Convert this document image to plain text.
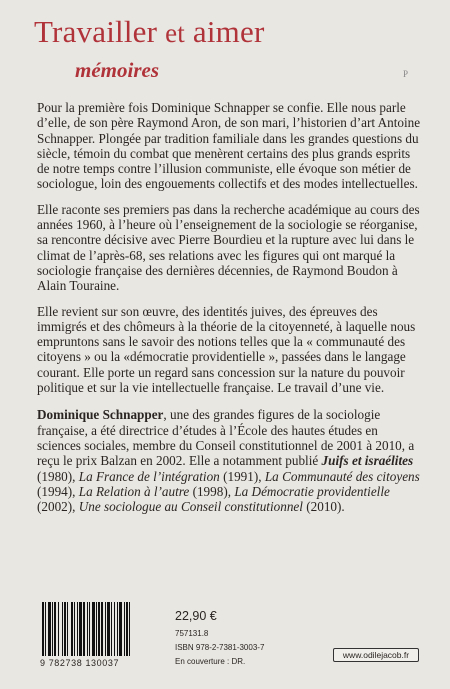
Travailler et aimer
mémoires	P

Pour la première fois Dominique Schnapper se confie. Elle nous parle d’elle, de son père Raymond Aron, de son mari, l’historien d’art Antoine Schnapper. Plongée par tradition familiale dans les grandes questions du siècle, témoin du combat que menèrent certains des plus grands esprits de notre temps contre l’illusion communiste, elle évoque son métier de sociologue, loin des engouements collectifs et des modes intellectuelles.

Elle raconte ses premiers pas dans la recherche académique au cours des années 1960, à l’heure où l’enseignement de la sociologie se réorganise, sa rencontre décisive avec Pierre Bourdieu et la rupture avec lui dans le climat de l’après-68, ses relations avec les figures qui ont marqué la sociologie française des dernières décennies, de Raymond Boudon à Alain Touraine.

Elle revient sur son œuvre, des identités juives, des épreuves des immigrés et des chômeurs à la théorie de la citoyenneté, à laquelle nous empruntons sans le savoir des notions telles que la « communauté des citoyens » ou la «démocratie providentielle », passées dans le langage courant. Elle porte un regard sans concession sur la nature du pouvoir politique et sur la vie intellectuelle française. Le travail d’une vie.

Dominique Schnapper, une des grandes figures de la sociologie française, a été directrice d’études à l’École des hautes études en sciences sociales, membre du Conseil constitutionnel de 2001 à 2010, a reçu le prix Balzan en 2002. Elle a notamment publié Juifs et israélites (1980), La France de l’intégration (1991), La Communauté des citoyens (1994), La Relation à l’autre (1998), La Démocratie providentielle (2002), Une sociologue au Conseil constitutionnel (2010).

9 782738 130037
22,90 €
757131.8
ISBN 978-2-7381-3003-7
En couverture : DR.
www.odilejacob.fr
